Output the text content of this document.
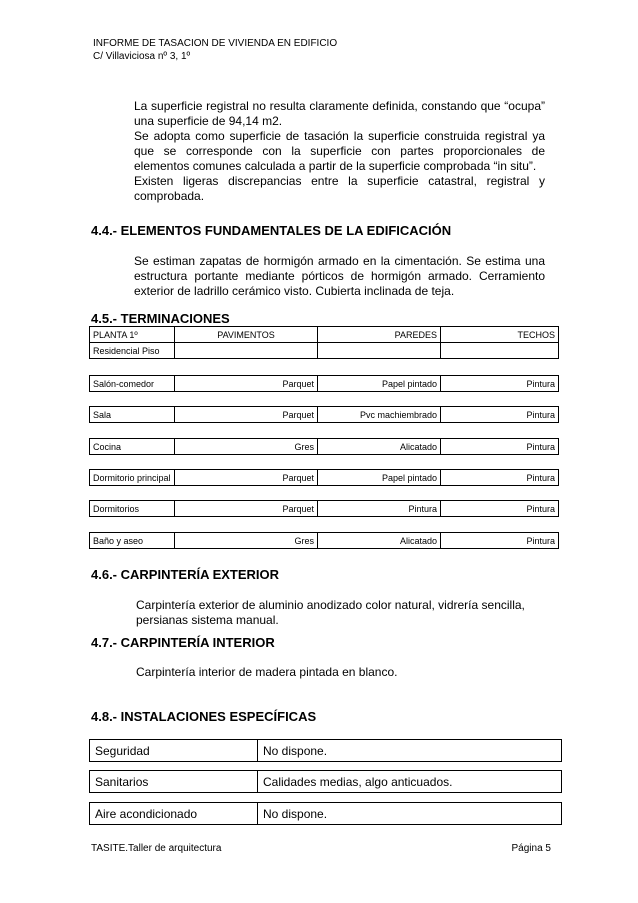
INFORME DE TASACION DE VIVIENDA EN EDIFICIO
C/ Villaviciosa nº 3, 1º
La superficie registral no resulta claramente definida, constando que “ocupa” una superficie de 94,14 m2.
Se adopta como superficie de tasación la superficie construida registral ya que se corresponde con la superficie con partes proporcionales de elementos comunes calculada a partir de la superficie comprobada “in situ”.
Existen ligeras discrepancias entre la superficie catastral, registral y comprobada.
4.4.- ELEMENTOS FUNDAMENTALES DE LA EDIFICACIÓN
Se estiman zapatas de hormigón armado en la cimentación. Se estima una estructura portante mediante pórticos de hormigón armado. Cerramiento exterior de ladrillo cerámico visto. Cubierta inclinada de teja.
4.5.- TERMINACIONES
PLANTA 1º	PAVIMENTOS	PAREDES	TECHOS
Residencial Piso			
Salón-comedor	Parquet	Papel pintado	Pintura
Sala	Parquet	Pvc machiembrado	Pintura
Cocina	Gres	Alicatado	Pintura
Dormitorio principal	Parquet	Papel pintado	Pintura
Dormitorios	Parquet	Pintura	Pintura
Baño y aseo	Gres	Alicatado	Pintura
4.6.- CARPINTERÍA EXTERIOR
Carpintería exterior de aluminio anodizado color natural, vidrería sencilla, persianas sistema manual.
4.7.- CARPINTERÍA INTERIOR
Carpintería interior de madera pintada en blanco.
4.8.- INSTALACIONES ESPECÍFICAS
Seguridad	No dispone.
Sanitarios	Calidades medias, algo anticuados.
Aire acondicionado	No dispone.
TASITE.Taller de arquitectura	Página 5
